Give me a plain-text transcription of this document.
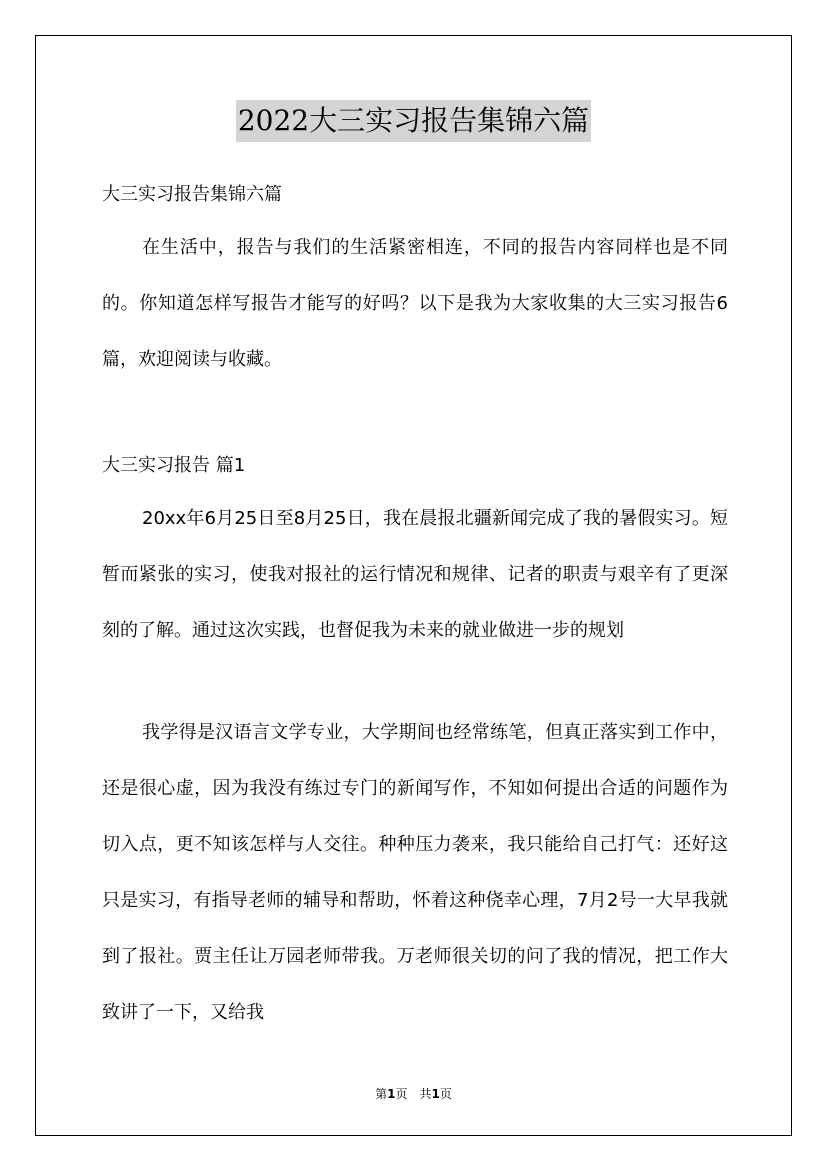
2022大三实习报告集锦六篇
大三实习报告集锦六篇
在生活中，报告与我们的生活紧密相连，不同的报告内容同样也是不同的。你知道怎样写报告才能写的好吗？以下是我为大家收集的大三实习报告6篇，欢迎阅读与收藏。
大三实习报告 篇1
20xx年6月25日至8月25日，我在晨报北疆新闻完成了我的暑假实习。短暂而紧张的实习，使我对报社的运行情况和规律、记者的职责与艰辛有了更深刻的了解。通过这次实践，也督促我为未来的就业做进一步的规划
我学得是汉语言文学专业，大学期间也经常练笔，但真正落实到工作中，还是很心虚，因为我没有练过专门的新闻写作，不知如何提出合适的问题作为切入点，更不知该怎样与人交往。种种压力袭来，我只能给自己打气：还好这只是实习，有指导老师的辅导和帮助，怀着这种侥幸心理，7月2号一大早我就到了报社。贾主任让万园老师带我。万老师很关切的问了我的情况，把工作大致讲了一下，又给我
第1页　共1页
